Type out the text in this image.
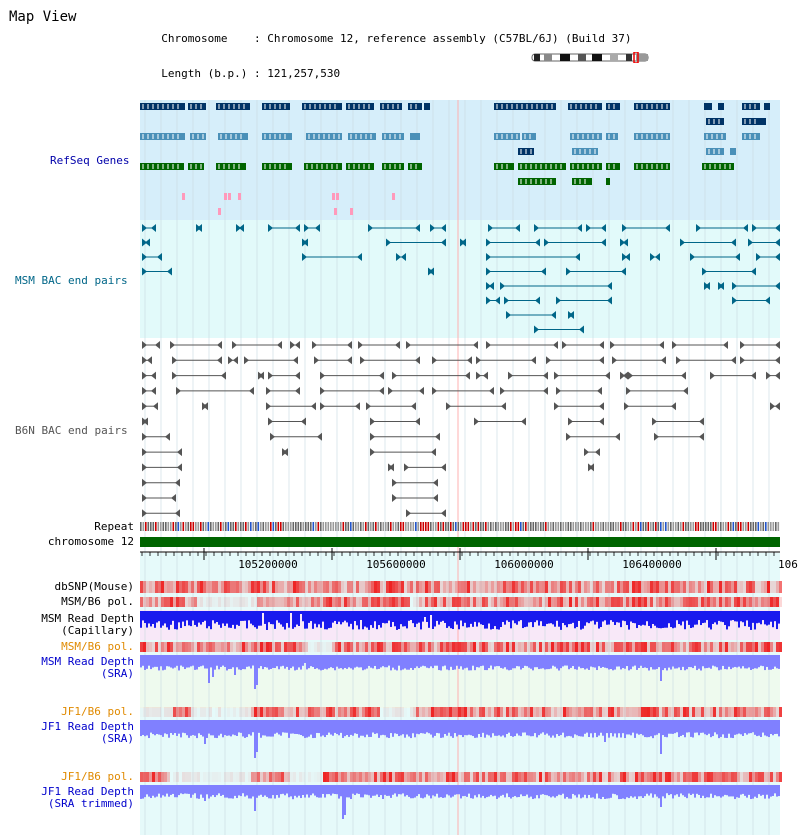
Map View

Chromosome : Chromosome 12, reference assembly (C57BL/6J) (Build 37)

Length (b.p.) : 121,257,530

RefSeq Genes
MSM BAC end pairs
B6N BAC end pairs
Repeat
chromosome 12
dbSNP(Mouse)
MSM/B6 pol.
MSM Read Depth
(Capillary)
MSM/B6 pol.
MSM Read Depth
(SRA)
JF1/B6 pol.
JF1 Read Depth
(SRA)
JF1/B6 pol.
JF1 Read Depth
(SRA trimmed)
105200000	105600000	106000000	106400000	106
